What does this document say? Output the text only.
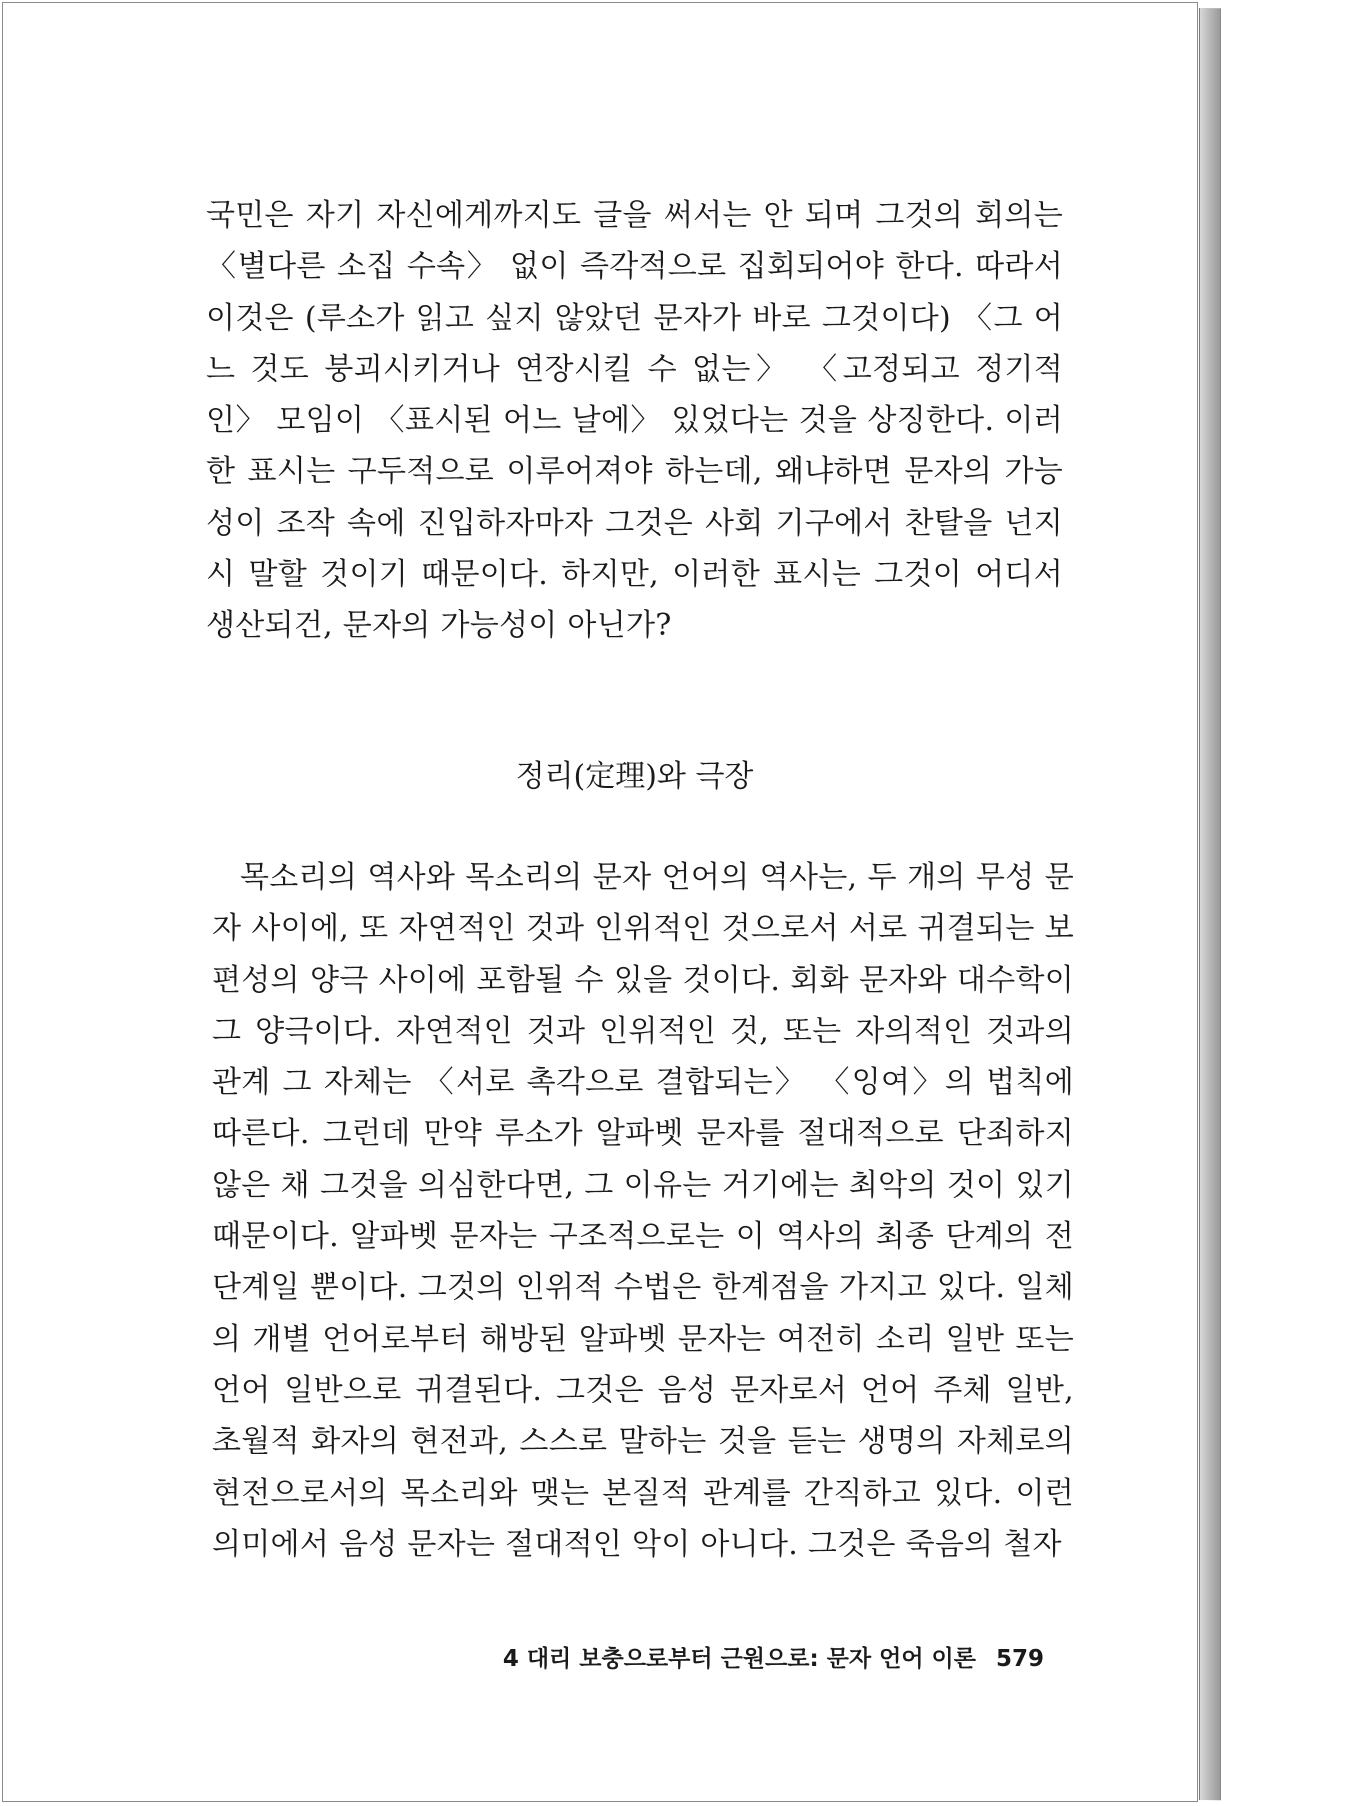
국민은 자기 자신에게까지도 글을 써서는 안 되며 그것의 회의는 〈별다른 소집 수속〉 없이 즉각적으로 집회되어야 한다. 따라서 이것은 (루소가 읽고 싶지 않았던 문자가 바로 그것이다) 〈그 어느 것도 붕괴시키거나 연장시킬 수 없는〉 〈고정되고 정기적인〉 모임이 〈표시된 어느 날에〉 있었다는 것을 상징한다. 이러한 표시는 구두적으로 이루어져야 하는데, 왜냐하면 문자의 가능성이 조작 속에 진입하자마자 그것은 사회 기구에서 찬탈을 넌지시 말할 것이기 때문이다. 하지만, 이러한 표시는 그것이 어디서 생산되건, 문자의 가능성이 아닌가?

정리(定理)와 극장

목소리의 역사와 목소리의 문자 언어의 역사는, 두 개의 무성 문자 사이에, 또 자연적인 것과 인위적인 것으로서 서로 귀결되는 보편성의 양극 사이에 포함될 수 있을 것이다. 회화 문자와 대수학이 그 양극이다. 자연적인 것과 인위적인 것, 또는 자의적인 것과의 관계 그 자체는 〈서로 촉각으로 결합되는〉 〈잉여〉의 법칙에 따른다. 그런데 만약 루소가 알파벳 문자를 절대적으로 단죄하지 않은 채 그것을 의심한다면, 그 이유는 거기에는 최악의 것이 있기 때문이다. 알파벳 문자는 구조적으로는 이 역사의 최종 단계의 전 단계일 뿐이다. 그것의 인위적 수법은 한계점을 가지고 있다. 일체의 개별 언어로부터 해방된 알파벳 문자는 여전히 소리 일반 또는 언어 일반으로 귀결된다. 그것은 음성 문자로서 언어 주체 일반, 초월적 화자의 현전과, 스스로 말하는 것을 듣는 생명의 자체로의 현전으로서의 목소리와 맺는 본질적 관계를 간직하고 있다. 이런 의미에서 음성 문자는 절대적인 악이 아니다. 그것은 죽음의 철자

4 대리 보충으로부터 근원으로: 문자 언어 이론 579
